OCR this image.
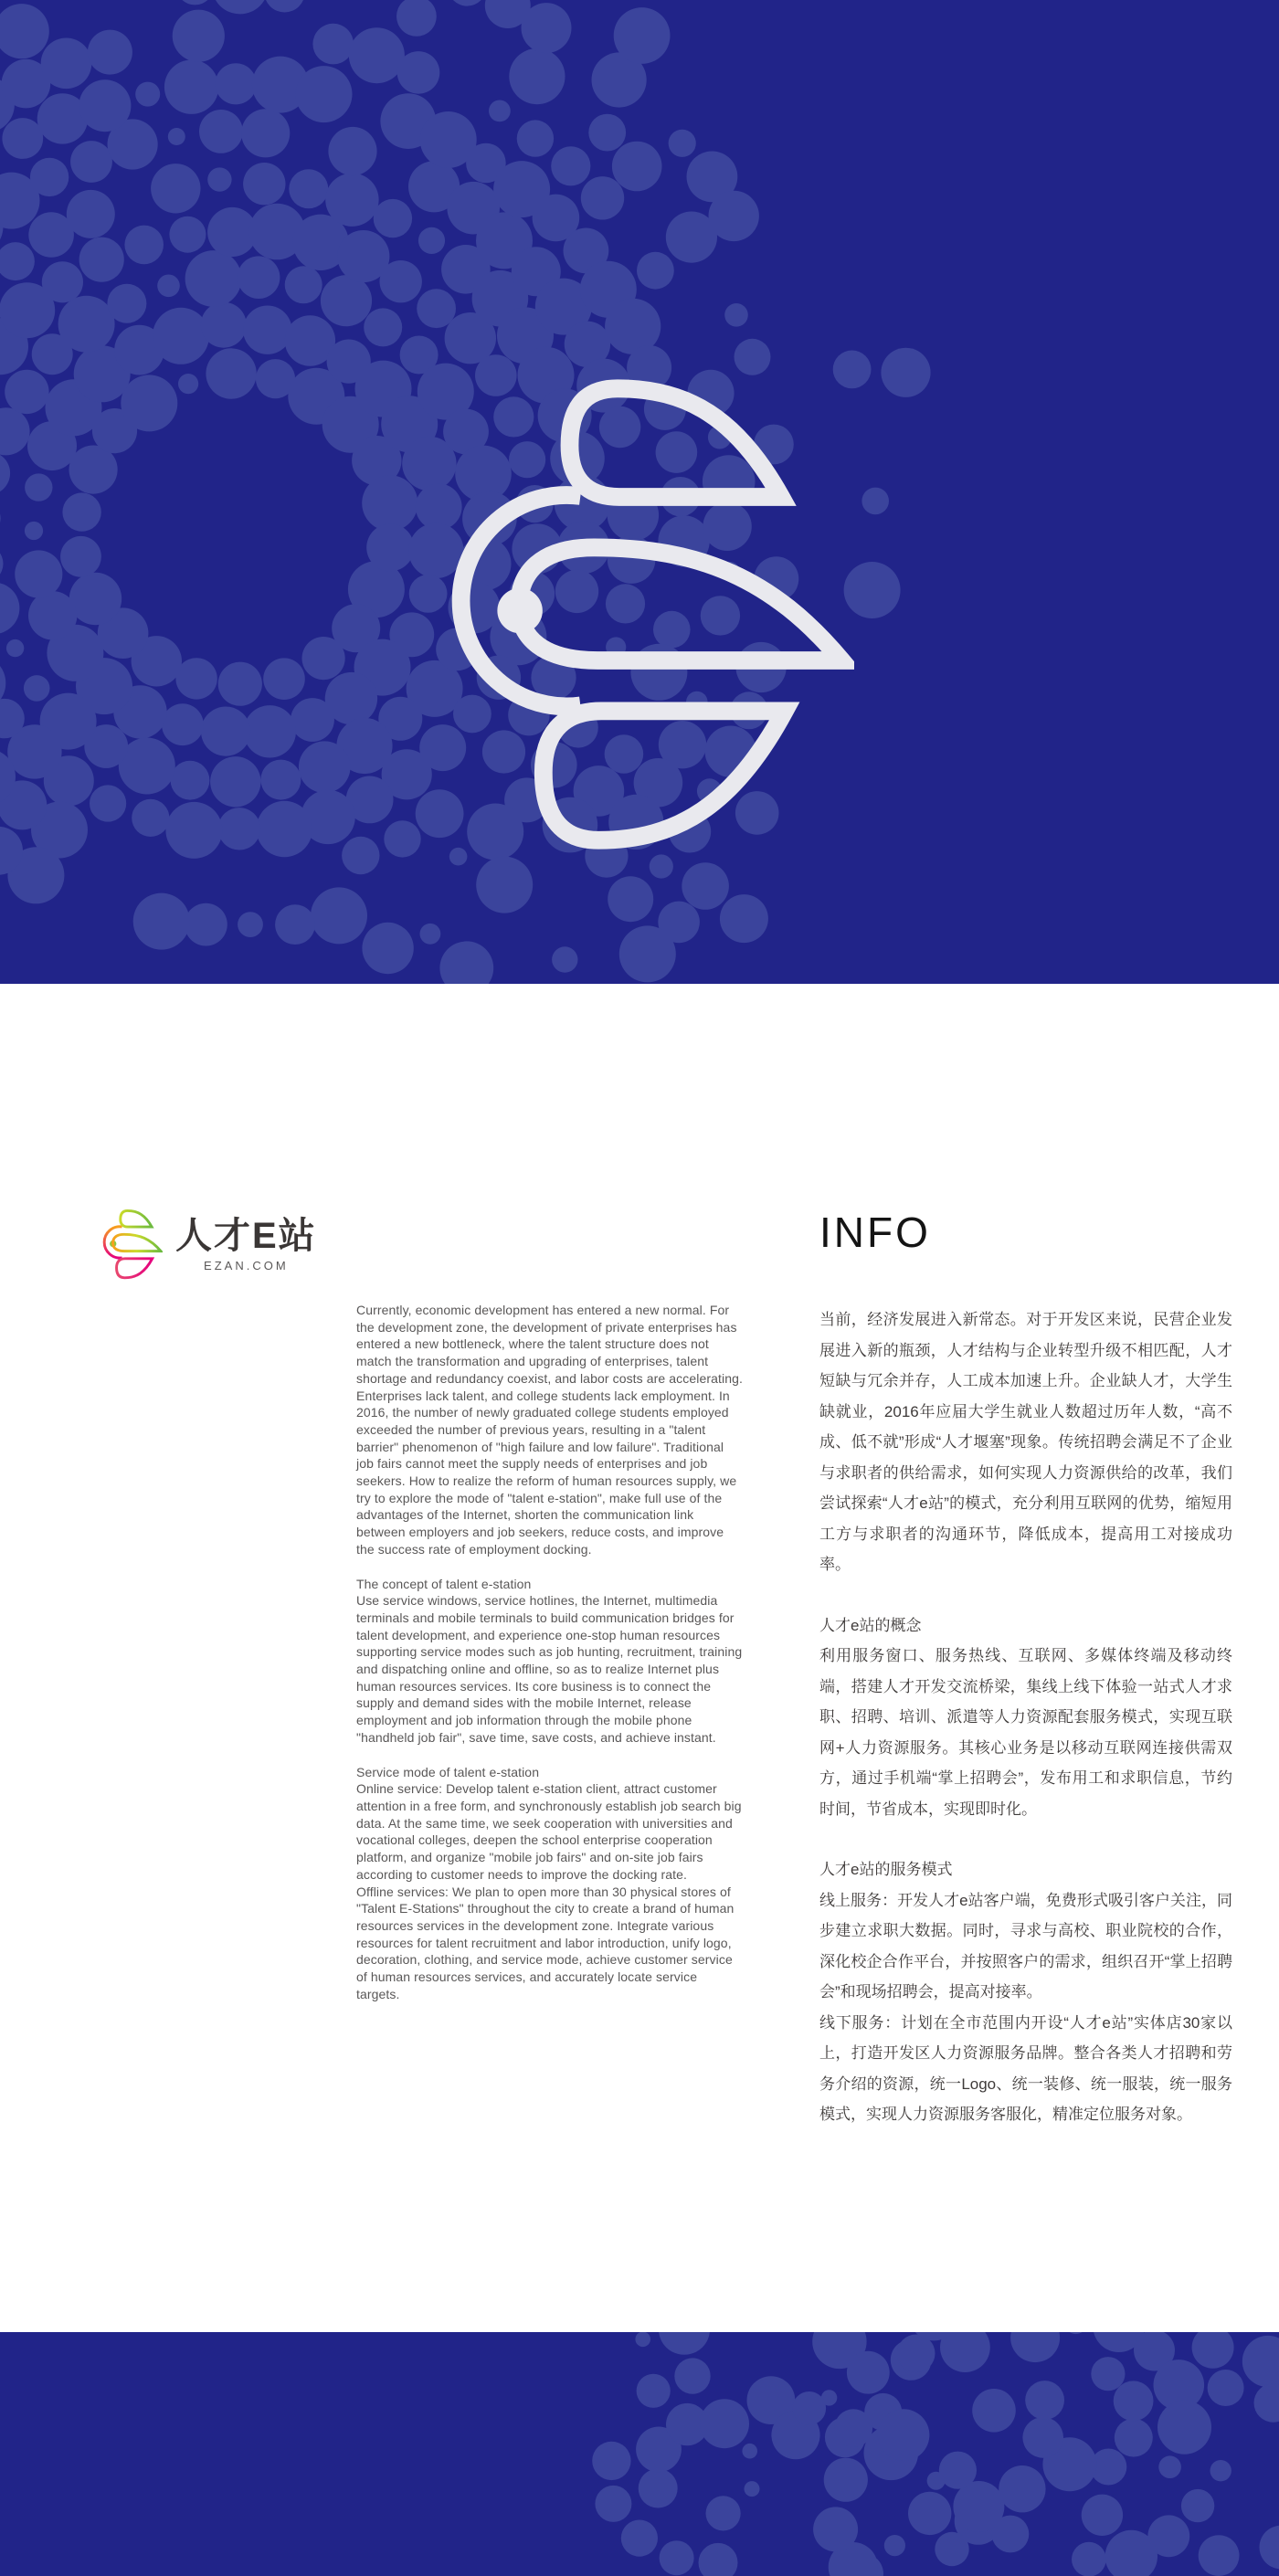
人才E站
EZAN.COM

Currently, economic development has entered a new normal. For the development zone, the development of private enterprises has entered a new bottleneck, where the talent structure does not match the transformation and upgrading of enterprises, talent shortage and redundancy coexist, and labor costs are accelerating. Enterprises lack talent, and college students lack employment. In 2016, the number of newly graduated college students employed exceeded the number of previous years, resulting in a "talent barrier" phenomenon of "high failure and low failure". Traditional job fairs cannot meet the supply needs of enterprises and job seekers. How to realize the reform of human resources supply, we try to explore the mode of "talent e-station", make full use of the advantages of the Internet, shorten the communication link between employers and job seekers, reduce costs, and improve the success rate of employment docking.

The concept of talent e-station

Use service windows, service hotlines, the Internet, multimedia terminals and mobile terminals to build communication bridges for talent development, and experience one-stop human resources supporting service modes such as job hunting, recruitment, training and dispatching online and offline, so as to realize Internet plus human resources services. Its core business is to connect the supply and demand sides with the mobile Internet, release employment and job information through the mobile phone "handheld job fair", save time, save costs, and achieve instant.

Service mode of talent e-station

Online service: Develop talent e-station client, attract customer attention in a free form, and synchronously establish job search big data. At the same time, we seek cooperation with universities and vocational colleges, deepen the school enterprise cooperation platform, and organize "mobile job fairs" and on-site job fairs according to customer needs to improve the docking rate.

Offline services: We plan to open more than 30 physical stores of "Talent E-Stations" throughout the city to create a brand of human resources services in the development zone. Integrate various resources for talent recruitment and labor introduction, unify logo, decoration, clothing, and service mode, achieve customer service of human resources services, and accurately locate service targets.

INFO

当前，经济发展进入新常态。对于开发区来说，民营企业发展进入新的瓶颈，人才结构与企业转型升级不相匹配，人才短缺与冗余并存，人工成本加速上升。企业缺人才，大学生缺就业，2016年应届大学生就业人数超过历年人数，“高不成、低不就”形成“人才堰塞”现象。传统招聘会满足不了企业与求职者的供给需求，如何实现人力资源供给的改革，我们尝试探索“人才e站”的模式，充分利用互联网的优势，缩短用工方与求职者的沟通环节，降低成本，提高用工对接成功率。

人才e站的概念

利用服务窗口、服务热线、互联网、多媒体终端及移动终端，搭建人才开发交流桥梁，集线上线下体验一站式人才求职、招聘、培训、派遣等人力资源配套服务模式，实现互联网+人力资源服务。其核心业务是以移动互联网连接供需双方，通过手机端“掌上招聘会”，发布用工和求职信息，节约时间，节省成本，实现即时化。

人才e站的服务模式

线上服务：开发人才e站客户端，免费形式吸引客户关注，同步建立求职大数据。同时，寻求与高校、职业院校的合作，深化校企合作平台，并按照客户的需求，组织召开“掌上招聘会”和现场招聘会，提高对接率。

线下服务：计划在全市范围内开设“人才e站”实体店30家以上，打造开发区人力资源服务品牌。整合各类人才招聘和劳务介绍的资源，统一Logo、统一装修、统一服装，统一服务模式，实现人力资源服务客服化，精准定位服务对象。
